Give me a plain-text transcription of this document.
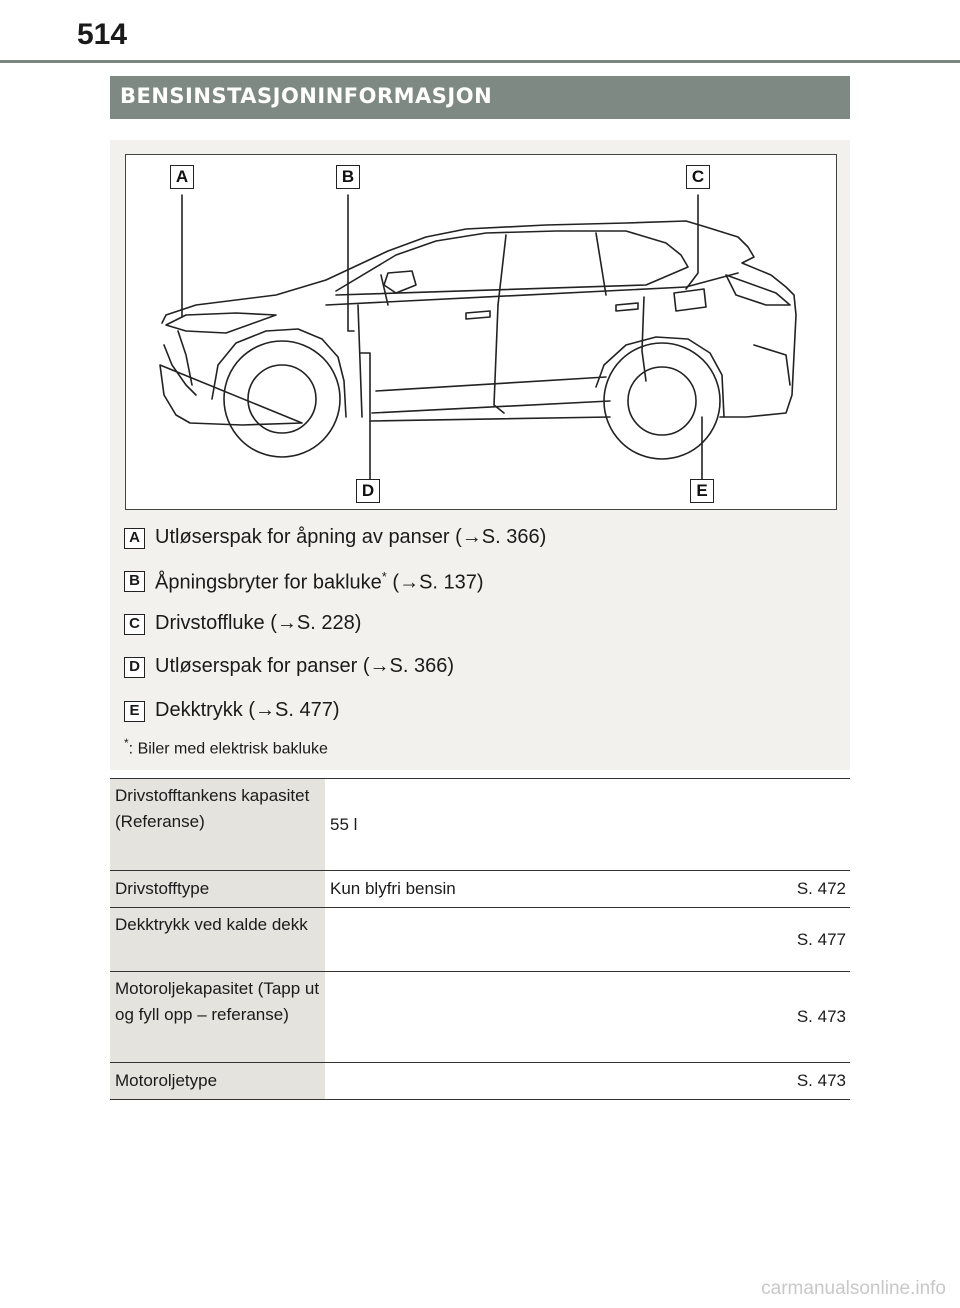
514
BENSINSTASJONINFORMASJON
A	B	C
D	E
A Utløserspak for åpning av panser (→S. 366)
B Åpningsbryter for bakluke* (→S. 137)
C Drivstoffluke (→S. 228)
D Utløserspak for panser (→S. 366)
E Dekktrykk (→S. 477)
*: Biler med elektrisk bakluke
Drivstofftankens kapasitet (Referanse)	55 l	
Drivstofftype	Kun blyfri bensin	S. 472
Dekktrykk ved kalde dekk		S. 477
Motoroljekapasitet (Tapp ut og fyll opp – referanse)		S. 473
Motoroljetype		S. 473
carmanualsonline.info
